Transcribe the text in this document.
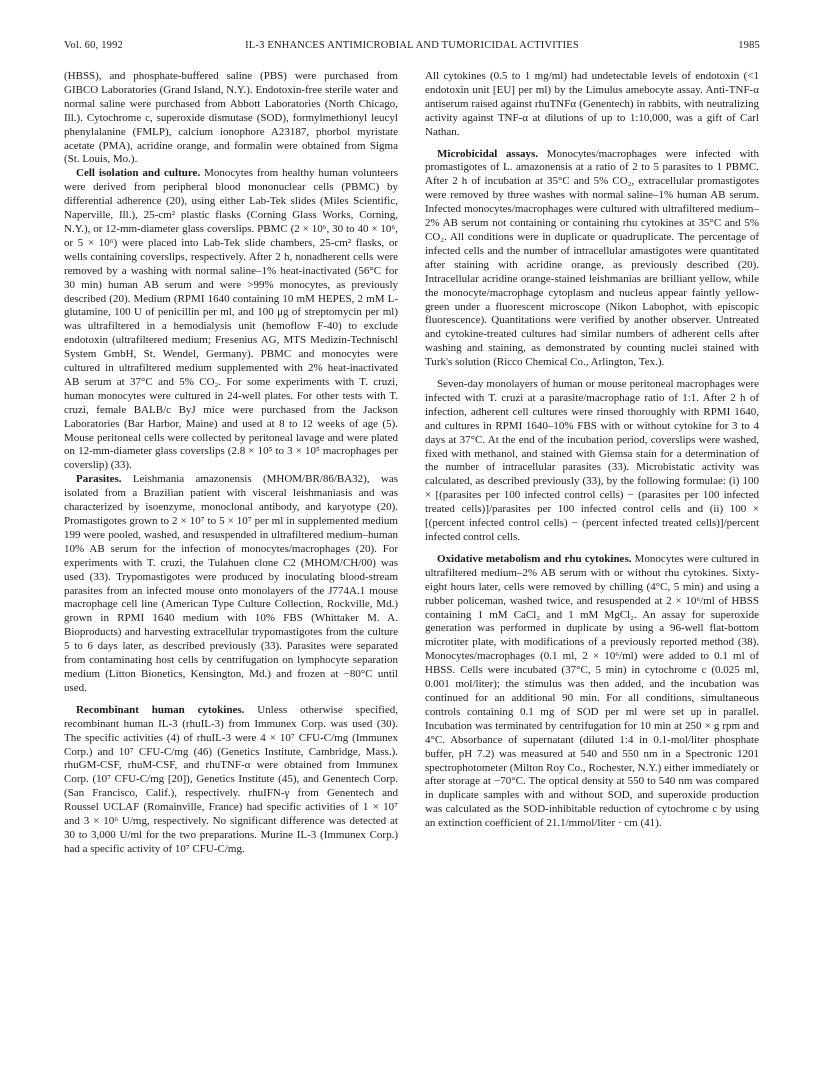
Vol. 60, 1992	IL-3 ENHANCES ANTIMICROBIAL AND TUMORICIDAL ACTIVITIES	1985

(HBSS), and phosphate-buffered saline (PBS) were purchased from GIBCO Laboratories (Grand Island, N.Y.). Endotoxin-free sterile water and normal saline were purchased from Abbott Laboratories (North Chicago, Ill.). Cytochrome c, superoxide dismutase (SOD), formylmethionyl leucyl phenylalanine (FMLP), calcium ionophore A23187, phorbol myristate acetate (PMA), acridine orange, and formalin were obtained from Sigma (St. Louis, Mo.).

Cell isolation and culture. Monocytes from healthy human volunteers were derived from peripheral blood mononuclear cells (PBMC) by differential adherence (20), using either Lab-Tek slides (Miles Scientific, Naperville, Ill.), 25-cm² plastic flasks (Corning Glass Works, Corning, N.Y.), or 12-mm-diameter glass coverslips. PBMC (2 × 10⁶, 30 to 40 × 10⁶, or 5 × 10⁶) were placed into Lab-Tek slide chambers, 25-cm² flasks, or wells containing coverslips, respectively. After 2 h, nonadherent cells were removed by a washing with normal saline–1% heat-inactivated (56°C for 30 min) human AB serum and were >99% monocytes, as previously described (20). Medium (RPMI 1640 containing 10 mM HEPES, 2 mM L-glutamine, 100 U of penicillin per ml, and 100 μg of streptomycin per ml) was ultrafiltered in a hemodialysis unit (hemoflow F-40) to exclude endotoxin (ultrafiltered medium; Fresenius AG, MTS Medizin-Technischl System GmbH, St. Wendel, Germany). PBMC and monocytes were cultured in ultrafiltered medium supplemented with 2% heat-inactivated AB serum at 37°C and 5% CO₂. For some experiments with T. cruzi, human monocytes were cultured in 24-well plates. For other tests with T. cruzi, female BALB/c ByJ mice were purchased from the Jackson Laboratories (Bar Harbor, Maine) and used at 8 to 12 weeks of age (5). Mouse peritoneal cells were collected by peritoneal lavage and were plated on 12-mm-diameter glass coverslips (2.8 × 10⁵ to 3 × 10⁵ macrophages per coverslip) (33).

Parasites. Leishmania amazonensis (MHOM/BR/86/BA32), was isolated from a Brazilian patient with visceral leishmaniasis and was characterized by isoenzyme, monoclonal antibody, and karyotype (20). Promastigotes grown to 2 × 10⁷ to 5 × 10⁷ per ml in supplemented medium 199 were pooled, washed, and resuspended in ultrafiltered medium–human 10% AB serum for the infection of monocytes/macrophages (20). For experiments with T. cruzi, the Tulahuen clone C2 (MHOM/CH/00) was used (33). Trypomastigotes were produced by inoculating blood-stream parasites from an infected mouse onto monolayers of the J774A.1 mouse macrophage cell line (American Type Culture Collection, Rockville, Md.) grown in RPMI 1640 medium with 10% FBS (Whittaker M. A. Bioproducts) and harvesting extracellular trypomastigotes from the culture 5 to 6 days later, as described previously (33). Parasites were separated from contaminating host cells by centrifugation on lymphocyte separation medium (Litton Bionetics, Kensington, Md.) and frozen at −80°C until used.

Recombinant human cytokines. Unless otherwise specified, recombinant human IL-3 (rhuIL-3) from Immunex Corp. was used (30). The specific activities (4) of rhuIL-3 were 4 × 10⁷ CFU-C/mg (Immunex Corp.) and 10⁷ CFU-C/mg (46) (Genetics Institute, Cambridge, Mass.). rhuGM-CSF, rhuM-CSF, and rhuTNF-α were obtained from Immunex Corp. (10⁷ CFU-C/mg [20]), Genetics Institute (45), and Genentech Corp. (San Francisco, Calif.), respectively. rhuIFN-γ from Genentech and Roussel UCLAF (Romainville, France) had specific activities of 1 × 10⁷ and 3 × 10⁶ U/mg, respectively. No significant difference was detected at 30 to 3,000 U/ml for the two preparations. Murine IL-3 (Immunex Corp.) had a specific activity of 10⁷ CFU-C/mg.

All cytokines (0.5 to 1 mg/ml) had undetectable levels of endotoxin (<1 endotoxin unit [EU] per ml) by the Limulus amebocyte assay. Anti-TNF-α antiserum raised against rhuTNFα (Genentech) in rabbits, with neutralizing activity against TNF-α at dilutions of up to 1:10,000, was a gift of Carl Nathan.

Microbicidal assays. Monocytes/macrophages were infected with promastigotes of L. amazonensis at a ratio of 2 to 5 parasites to 1 PBMC. After 2 h of incubation at 35°C and 5% CO₂, extracellular promastigotes were removed by three washes with normal saline–1% human AB serum. Infected monocytes/macrophages were cultured with ultrafiltered medium–2% AB serum not containing or containing rhu cytokines at 35°C and 5% CO₂. All conditions were in duplicate or quadruplicate. The percentage of infected cells and the number of intracellular amastigotes were quantitated after staining with acridine orange, as previously described (20). Intracellular acridine orange-stained leishmanias are brilliant yellow, while the monocyte/macrophage cytoplasm and nucleus appear faintly yellow-green under a fluorescent microscope (Nikon Labophot, with episcopic fluorescence). Quantitations were verified by another observer. Untreated and cytokine-treated cultures had similar numbers of adherent cells after washing and staining, as demonstrated by counting nuclei stained with Turk's solution (Ricco Chemical Co., Arlington, Tex.).

Seven-day monolayers of human or mouse peritoneal macrophages were infected with T. cruzi at a parasite/macrophage ratio of 1:1. After 2 h of infection, adherent cell cultures were rinsed thoroughly with RPMI 1640, and cultures in RPMI 1640–10% FBS with or without cytokine for 3 to 4 days at 37°C. At the end of the incubation period, coverslips were washed, fixed with methanol, and stained with Giemsa stain for a determination of the number of intracellular parasites (33). Microbistatic activity was calculated, as described previously (33), by the following formulae: (i) 100 × [(parasites per 100 infected control cells) − (parasites per 100 infected treated cells)]/parasites per 100 infected control cells and (ii) 100 × [(percent infected control cells) − (percent infected treated cells)]/percent infected control cells.

Oxidative metabolism and rhu cytokines. Monocytes were cultured in ultrafiltered medium–2% AB serum with or without rhu cytokines. Sixty-eight hours later, cells were removed by chilling (4°C, 5 min) and using a rubber policeman, washed twice, and resuspended at 2 × 10⁶/ml of HBSS containing 1 mM CaCl₂ and 1 mM MgCl₂. An assay for superoxide generation was performed in duplicate by using a 96-well flat-bottom microtiter plate, with modifications of a previously reported method (38). Monocytes/macrophages (0.1 ml, 2 × 10⁶/ml) were added to 0.1 ml of HBSS. Cells were incubated (37°C, 5 min) in cytochrome c (0.025 ml, 0.001 mol/liter); the stimulus was then added, and the incubation was continued for an additional 90 min. For all conditions, simultaneous controls containing 0.1 mg of SOD per ml were set up in parallel. Incubation was terminated by centrifugation for 10 min at 250 × g rpm and 4°C. Absorbance of supernatant (diluted 1:4 in 0.1-mol/liter phosphate buffer, pH 7.2) was measured at 540 and 550 nm in a Spectronic 1201 spectrophotometer (Milton Roy Co., Rochester, N.Y.) either immediately or after storage at −70°C. The optical density at 550 to 540 nm was compared in duplicate samples with and without SOD, and superoxide production was calculated as the SOD-inhibitable reduction of cytochrome c by using an extinction coefficient of 21.1/mmol/liter · cm (41).
